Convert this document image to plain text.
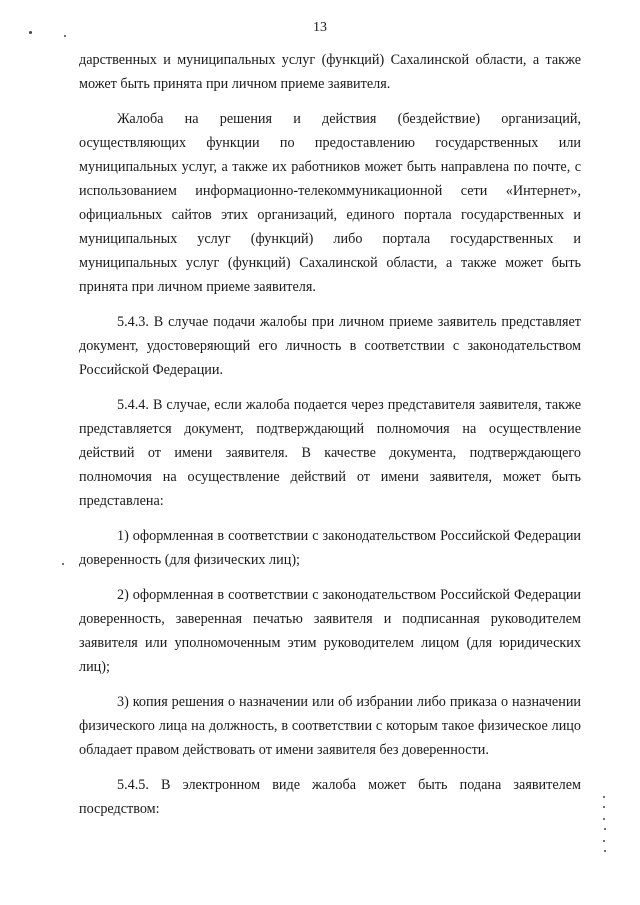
13

дарственных и муниципальных услуг (функций) Сахалинской области, а также может быть принята при личном приеме заявителя.

Жалоба на решения и действия (бездействие) организаций, осуществляющих функции по предоставлению государственных или муниципальных услуг, а также их работников может быть направлена по почте, с использованием информационно-телекоммуникационной сети «Интернет», официальных сайтов этих организаций, единого портала государственных и муниципальных услуг (функций) либо портала государственных и муниципальных услуг (функций) Сахалинской области, а также может быть принята при личном приеме заявителя.

5.4.3. В случае подачи жалобы при личном приеме заявитель представляет документ, удостоверяющий его личность в соответствии с законодательством Российской Федерации.

5.4.4. В случае, если жалоба подается через представителя заявителя, также представляется документ, подтверждающий полномочия на осуществление действий от имени заявителя. В качестве документа, подтверждающего полномочия на осуществление действий от имени заявителя, может быть представлена:

1) оформленная в соответствии с законодательством Российской Федерации доверенность (для физических лиц);

2) оформленная в соответствии с законодательством Российской Федерации доверенность, заверенная печатью заявителя и подписанная руководителем заявителя или уполномоченным этим руководителем лицом (для юридических лиц);

3) копия решения о назначении или об избрании либо приказа о назначении физического лица на должность, в соответствии с которым такое физическое лицо обладает правом действовать от имени заявителя без доверенности.

5.4.5. В электронном виде жалоба может быть подана заявителем посредством:
